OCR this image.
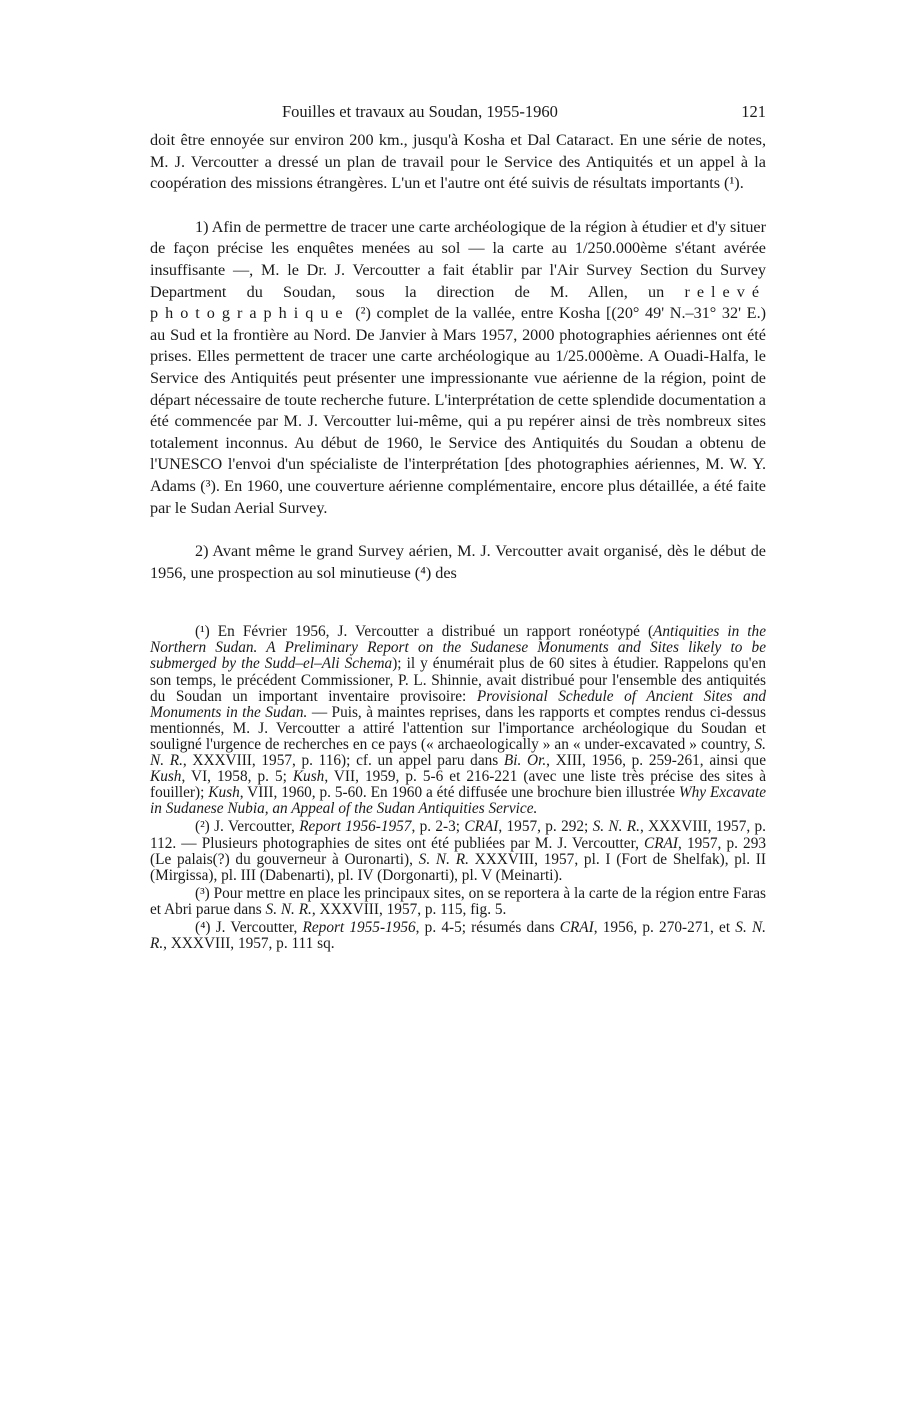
Fouilles et travaux au Soudan, 1955-1960	121

doit être ennoyée sur environ 200 km., jusqu'à Kosha et Dal Cataract. En une série de notes, M. J. Vercoutter a dressé un plan de travail pour le Service des Antiquités et un appel à la coopération des missions étrangères. L'un et l'autre ont été suivis de résultats importants (¹).

1) Afin de permettre de tracer une carte archéologique de la région à étudier et d'y situer de façon précise les enquêtes menées au sol — la carte au 1/250.000ème s'étant avérée insuffisante —, M. le Dr. J. Vercoutter a fait établir par l'Air Survey Section du Survey Department du Soudan, sous la direction de M. Allen, un relevé photographique (²) complet de la vallée, entre Kosha [(20° 49' N.–31° 32' E.) au Sud et la frontière au Nord. De Janvier à Mars 1957, 2000 photographies aériennes ont été prises. Elles permettent de tracer une carte archéologique au 1/25.000ème. A Ouadi-Halfa, le Service des Antiquités peut présenter une impressionante vue aérienne de la région, point de départ nécessaire de toute recherche future. L'interprétation de cette splendide documentation a été commencée par M. J. Vercoutter lui-même, qui a pu repérer ainsi de très nombreux sites totalement inconnus. Au début de 1960, le Service des Antiquités du Soudan a obtenu de l'UNESCO l'envoi d'un spécialiste de l'interprétation [des photographies aériennes, M. W. Y. Adams (³). En 1960, une couverture aérienne complémentaire, encore plus détaillée, a été faite par le Sudan Aerial Survey.

2) Avant même le grand Survey aérien, M. J. Vercoutter avait organisé, dès le début de 1956, une prospection au sol minutieuse (⁴) des

(¹) En Février 1956, J. Vercoutter a distribué un rapport ronéotypé (Antiquities in the Northern Sudan. A Preliminary Report on the Sudanese Monuments and Sites likely to be submerged by the Sudd–el–Ali Schema); il y énumérait plus de 60 sites à étudier. Rappelons qu'en son temps, le précédent Commissioner, P. L. Shinnie, avait distribué pour l'ensemble des antiquités du Soudan un important inventaire provisoire: Provisional Schedule of Ancient Sites and Monuments in the Sudan. — Puis, à maintes reprises, dans les rapports et comptes rendus ci-dessus mentionnés, M. J. Vercoutter a attiré l'attention sur l'importance archéologique du Soudan et souligné l'urgence de recherches en ce pays (« archaeologically » an « under-excavated » country, S. N. R., XXXVIII, 1957, p. 116); cf. un appel paru dans Bi. Or., XIII, 1956, p. 259-261, ainsi que Kush, VI, 1958, p. 5; Kush, VII, 1959, p. 5-6 et 216-221 (avec une liste très précise des sites à fouiller); Kush, VIII, 1960, p. 5-60. En 1960 a été diffusée une brochure bien illustrée Why Excavate in Sudanese Nubia, an Appeal of the Sudan Antiquities Service.

(²) J. Vercoutter, Report 1956-1957, p. 2-3; CRAI, 1957, p. 292; S. N. R., XXXVIII, 1957, p. 112. — Plusieurs photographies de sites ont été publiées par M. J. Vercoutter, CRAI, 1957, p. 293 (Le palais(?) du gouverneur à Ouronarti), S. N. R. XXXVIII, 1957, pl. I (Fort de Shelfak), pl. II (Mirgissa), pl. III (Dabenarti), pl. IV (Dorgonarti), pl. V (Meinarti).

(³) Pour mettre en place les principaux sites, on se reportera à la carte de la région entre Faras et Abri parue dans S. N. R., XXXVIII, 1957, p. 115, fig. 5.

(⁴) J. Vercoutter, Report 1955-1956, p. 4-5; résumés dans CRAI, 1956, p. 270-271, et S. N. R., XXXVIII, 1957, p. 111 sq.
